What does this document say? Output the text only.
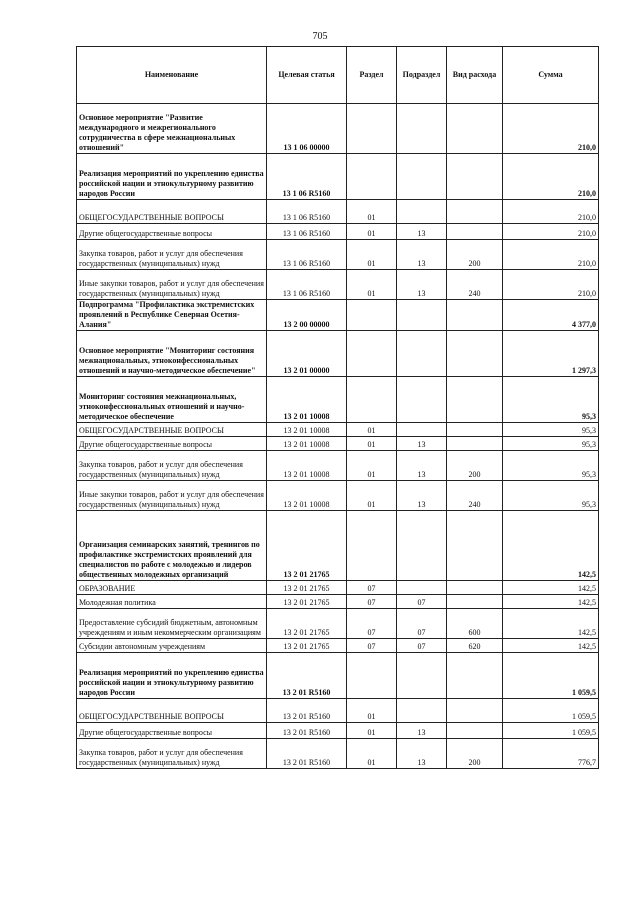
705
Наименование	Целевая статья	Раздел	Подраздел	Вид расхода	Сумма
Основное мероприятие "Развитие международного и межрегионального сотрудничества в сфере межнациональных отношений"	13 1 06 00000				210,0
Реализация мероприятий по укреплению единства российской нации и этнокультурному развитию народов России	13 1 06 R5160				210,0
ОБЩЕГОСУДАРСТВЕННЫЕ ВОПРОСЫ	13 1 06 R5160	01			210,0
Другие общегосударственные вопросы	13 1 06 R5160	01	13		210,0
Закупка товаров, работ и услуг для обеспечения государственных (муниципальных) нужд	13 1 06 R5160	01	13	200	210,0
Иные закупки товаров, работ и услуг для обеспечения государственных (муниципальных) нужд	13 1 06 R5160	01	13	240	210,0
Подпрограмма "Профилактика экстремистских проявлений в Республике Северная Осетия-Алания"	13 2 00 00000				4 377,0
Основное мероприятие "Мониторинг состояния межнациональных, этноконфессиональных отношений и научно-методическое обеспечение"	13 2 01 00000				1 297,3
Мониторинг состояния межнациональных, этноконфессиональных отношений и научно-методическое обеспечение	13 2 01 10008				95,3
ОБЩЕГОСУДАРСТВЕННЫЕ ВОПРОСЫ	13 2 01 10008	01			95,3
Другие общегосударственные вопросы	13 2 01 10008	01	13		95,3
Закупка товаров, работ и услуг для обеспечения государственных (муниципальных) нужд	13 2 01 10008	01	13	200	95,3
Иные закупки товаров, работ и услуг для обеспечения государственных (муниципальных) нужд	13 2 01 10008	01	13	240	95,3
Организация семинарских занятий, тренингов по профилактике экстремистских проявлений для специалистов по работе с молодежью и лидеров общественных молодежных организаций	13 2 01 21765				142,5
ОБРАЗОВАНИЕ	13 2 01 21765	07			142,5
Молодежная политика	13 2 01 21765	07	07		142,5
Предоставление субсидий бюджетным, автономным учреждениям и иным некоммерческим организациям	13 2 01 21765	07	07	600	142,5
Субсидии автономным учреждениям	13 2 01 21765	07	07	620	142,5
Реализация мероприятий по укреплению единства российской нации и этнокультурному развитию народов России	13 2 01 R5160				1 059,5
ОБЩЕГОСУДАРСТВЕННЫЕ ВОПРОСЫ	13 2 01 R5160	01			1 059,5
Другие общегосударственные вопросы	13 2 01 R5160	01	13		1 059,5
Закупка товаров, работ и услуг для обеспечения государственных (муниципальных) нужд	13 2 01 R5160	01	13	200	776,7
